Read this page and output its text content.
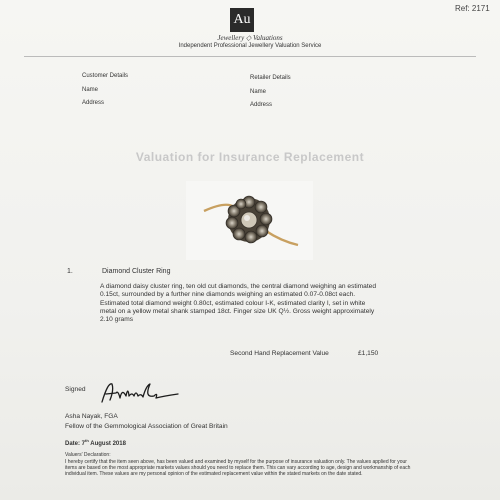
Au
Ref: 2171
Jewellery ◇ Valuations
Independent Professional Jewellery Valuation Service
Customer Details
Name
Address
Retailer Details
Name
Address
Valuation for Insurance Replacement
1.	Diamond Cluster Ring
A diamond daisy cluster ring, ten old cut diamonds, the central diamond weighing an estimated 0.15ct, surrounded by a further nine diamonds weighing an estimated 0.07-0.08ct each. Estimated total diamond weight 0.80ct, estimated colour I-K, estimated clarity I, set in white metal on a yellow metal shank stamped 18ct. Finger size UK Q½. Gross weight approximately 2.10 grams
Second Hand Replacement Value	£1,150
Signed
Asha Nayak, FGA
Fellow of the Gemmological Association of Great Britain
Date: 7th August 2018
Valuers' Declaration:
I hereby certify that the item seen above, has been valued and examined by myself for the purpose of insurance valuation only. The values applied for your items are based on the most appropriate markets values should you need to replace them. This can vary according to age, design and workmanship of each individual item. These values are my personal opinion of the estimated replacement value within the stated markets on the date stated.
